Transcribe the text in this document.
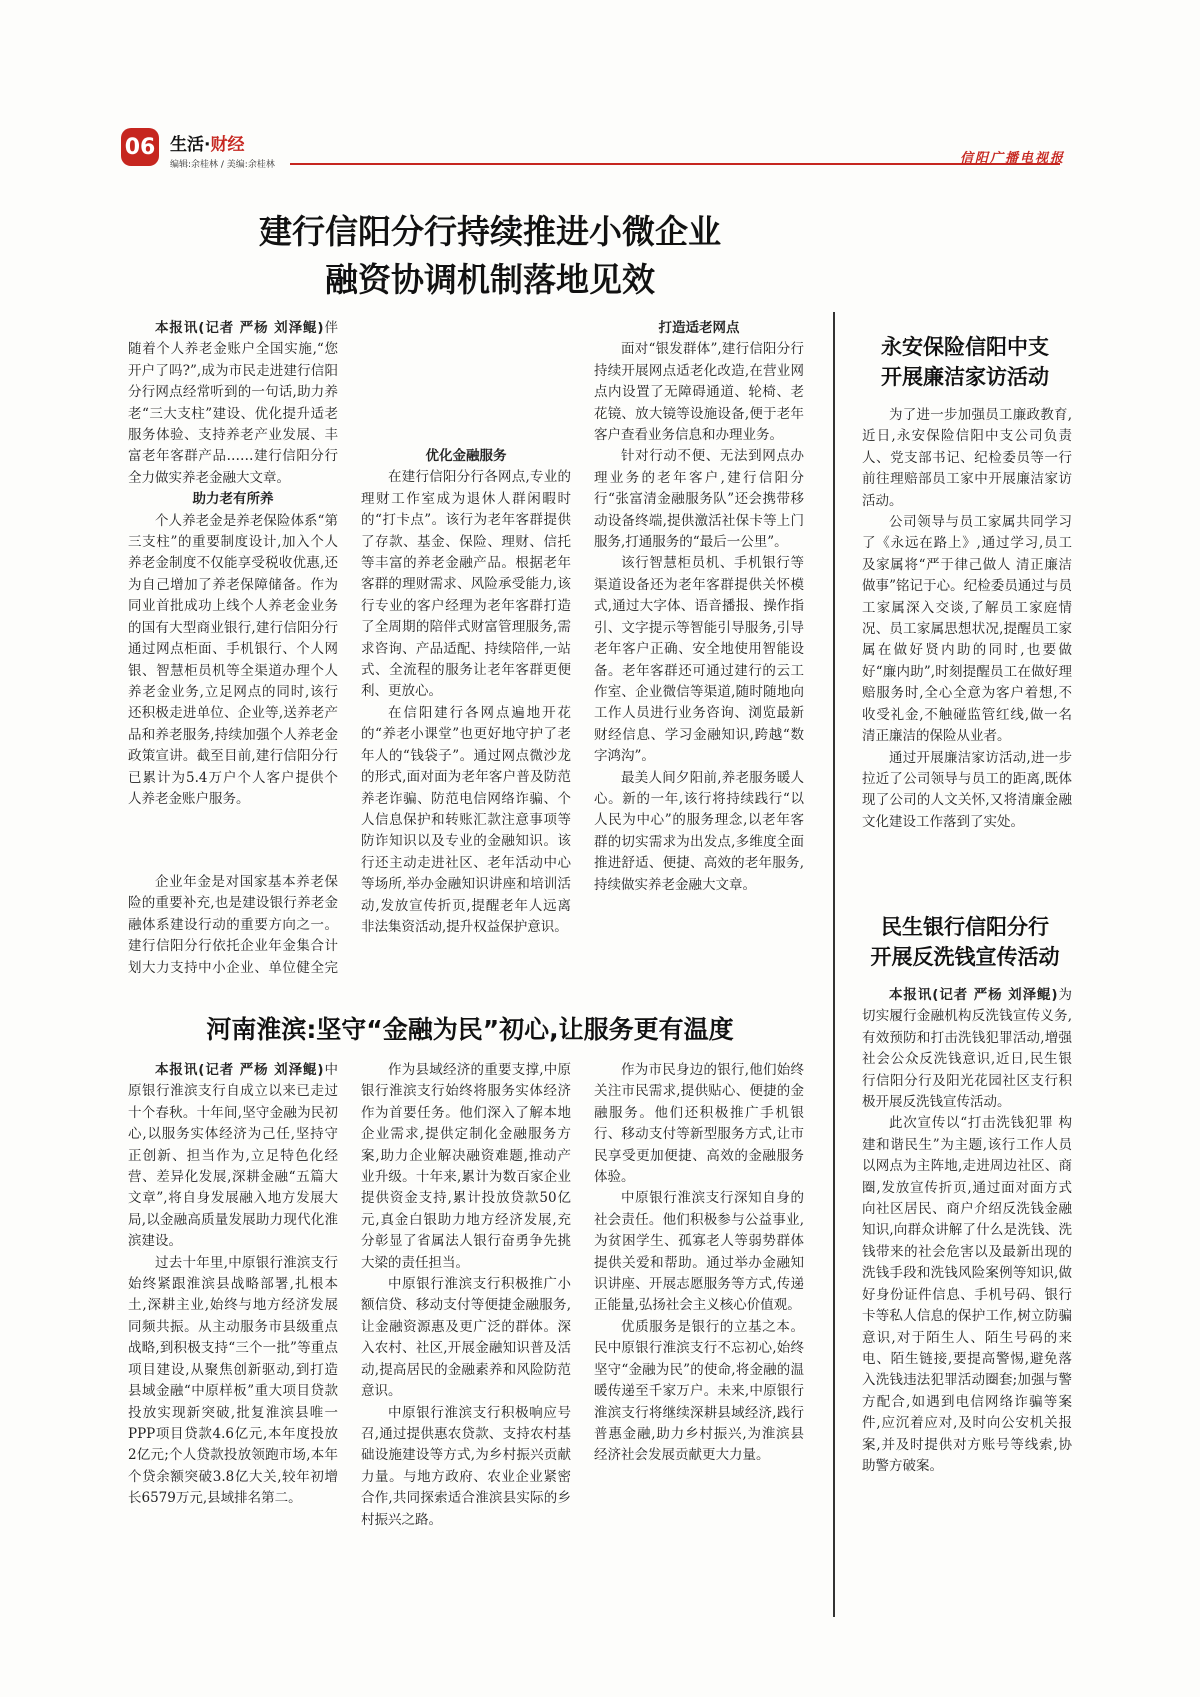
06 生活·财经
编辑:余桂林 / 美编:余桂林	信阳广播电视报
建行信阳分行持续推进小微企业
融资协调机制落地见效

本报讯(记者 严杨 刘泽鲲)伴随着个人养老金账户全国实施,“您开户了吗?”,成为市民走进建行信阳分行网点经常听到的一句话,助力养老“三大支柱”建设、优化提升适老服务体验、支持养老产业发展、丰富老年客群产品……建行信阳分行全力做实养老金融大文章。

助力老有所养

个人养老金是养老保险体系“第三支柱”的重要制度设计,加入个人养老金制度不仅能享受税收优惠,还为自己增加了养老保障储备。作为同业首批成功上线个人养老金业务的国有大型商业银行,建行信阳分行通过网点柜面、手机银行、个人网银、智慧柜员机等全渠道办理个人养老金业务,立足网点的同时,该行还积极走进单位、企业等,送养老产品和养老服务,持续加强个人养老金政策宣讲。截至目前,建行信阳分行已累计为5.4万户个人客户提供个人养老金账户服务。

企业年金是对国家基本养老保险的重要补充,也是建设银行养老金融体系建设行动的重要方向之一。建行信阳分行依托企业年金集合计划大力支持中小企业、单位健全完

优化金融服务

在建行信阳分行各网点,专业的理财工作室成为退休人群闲暇时的“打卡点”。该行为老年客群提供了存款、基金、保险、理财、信托等丰富的养老金融产品。根据老年客群的理财需求、风险承受能力,该行专业的客户经理为老年客群打造了全周期的陪伴式财富管理服务,需求咨询、产品适配、持续陪伴,一站式、全流程的服务让老年客群更便利、更放心。

在信阳建行各网点遍地开花的“养老小课堂”也更好地守护了老年人的“钱袋子”。通过网点微沙龙的形式,面对面为老年客户普及防范养老诈骗、防范电信网络诈骗、个人信息保护和转账汇款注意事项等防诈知识以及专业的金融知识。该行还主动走进社区、老年活动中心等场所,举办金融知识讲座和培训活动,发放宣传折页,提醒老年人远离非法集资活动,提升权益保护意识。

打造适老网点

面对“银发群体”,建行信阳分行持续开展网点适老化改造,在营业网点内设置了无障碍通道、轮椅、老花镜、放大镜等设施设备,便于老年客户查看业务信息和办理业务。

针对行动不便、无法到网点办理业务的老年客户,建行信阳分行“张富清金融服务队”还会携带移动设备终端,提供激活社保卡等上门服务,打通服务的“最后一公里”。

该行智慧柜员机、手机银行等渠道设备还为老年客群提供关怀模式,通过大字体、语音播报、操作指引、文字提示等智能引导服务,引导老年客户正确、安全地使用智能设备。老年客群还可通过建行的云工作室、企业微信等渠道,随时随地向工作人员进行业务咨询、浏览最新财经信息、学习金融知识,跨越“数字鸿沟”。

最美人间夕阳前,养老服务暖人心。新的一年,该行将持续践行“以人民为中心”的服务理念,以老年客群的切实需求为出发点,多维度全面推进舒适、便捷、高效的老年服务,持续做实养老金融大文章。

永安保险信阳中支
开展廉洁家访活动

为了进一步加强员工廉政教育,近日,永安保险信阳中支公司负责人、党支部书记、纪检委员等一行前往理赔部员工家中开展廉洁家访活动。

公司领导与员工家属共同学习了《永远在路上》,通过学习,员工及家属将“严于律己做人 清正廉洁做事”铭记于心。纪检委员通过与员工家属深入交谈,了解员工家庭情况、员工家属思想状况,提醒员工家属在做好贤内助的同时,也要做好“廉内助”,时刻提醒员工在做好理赔服务时,全心全意为客户着想,不收受礼金,不触碰监管红线,做一名清正廉洁的保险从业者。

通过开展廉洁家访活动,进一步拉近了公司领导与员工的距离,既体现了公司的人文关怀,又将清廉金融文化建设工作落到了实处。

民生银行信阳分行
开展反洗钱宣传活动

本报讯(记者 严杨 刘泽鲲)为切实履行金融机构反洗钱宣传义务,有效预防和打击洗钱犯罪活动,增强社会公众反洗钱意识,近日,民生银行信阳分行及阳光花园社区支行积极开展反洗钱宣传活动。

此次宣传以“打击洗钱犯罪 构建和谐民生”为主题,该行工作人员以网点为主阵地,走进周边社区、商圈,发放宣传折页,通过面对面方式向社区居民、商户介绍反洗钱金融知识,向群众讲解了什么是洗钱、洗钱带来的社会危害以及最新出现的洗钱手段和洗钱风险案例等知识,做好身份证件信息、手机号码、银行卡等私人信息的保护工作,树立防骗意识,对于陌生人、陌生号码的来电、陌生链接,要提高警惕,避免落入洗钱违法犯罪活动圈套;加强与警方配合,如遇到电信网络诈骗等案件,应沉着应对,及时向公安机关报案,并及时提供对方账号等线索,协助警方破案。

河南淮滨:坚守“金融为民”初心,让服务更有温度

本报讯(记者 严杨 刘泽鲲)中原银行淮滨支行自成立以来已走过十个春秋。十年间,坚守金融为民初心,以服务实体经济为己任,坚持守正创新、担当作为,立足特色化经营、差异化发展,深耕金融“五篇大文章”,将自身发展融入地方发展大局,以金融高质量发展助力现代化淮滨建设。

过去十年里,中原银行淮滨支行始终紧跟淮滨县战略部署,扎根本土,深耕主业,始终与地方经济发展同频共振。从主动服务市县级重点战略,到积极支持“三个一批”等重点项目建设,从聚焦创新驱动,到打造县域金融“中原样板”重大项目贷款投放实现新突破,批复淮滨县唯一PPP项目贷款4.6亿元,本年度投放2亿元;个人贷款投放领跑市场,本年个贷余额突破3.8亿大关,较年初增长6579万元,县域排名第二。

作为县域经济的重要支撑,中原银行淮滨支行始终将服务实体经济作为首要任务。他们深入了解本地企业需求,提供定制化金融服务方案,助力企业解决融资难题,推动产业升级。十年来,累计为数百家企业提供资金支持,累计投放贷款50亿元,真金白银助力地方经济发展,充分彰显了省属法人银行奋勇争先挑大梁的责任担当。

中原银行淮滨支行积极推广小额信贷、移动支付等便捷金融服务,让金融资源惠及更广泛的群体。深入农村、社区,开展金融知识普及活动,提高居民的金融素养和风险防范意识。

中原银行淮滨支行积极响应号召,通过提供惠农贷款、支持农村基础设施建设等方式,为乡村振兴贡献力量。与地方政府、农业企业紧密合作,共同探索适合淮滨县实际的乡村振兴之路。

作为市民身边的银行,他们始终关注市民需求,提供贴心、便捷的金融服务。他们还积极推广手机银行、移动支付等新型服务方式,让市民享受更加便捷、高效的金融服务体验。

中原银行淮滨支行深知自身的社会责任。他们积极参与公益事业,为贫困学生、孤寡老人等弱势群体提供关爱和帮助。通过举办金融知识讲座、开展志愿服务等方式,传递正能量,弘扬社会主义核心价值观。

优质服务是银行的立基之本。民中原银行淮滨支行不忘初心,始终坚守“金融为民”的使命,将金融的温暖传递至千家万户。未来,中原银行淮滨支行将继续深耕县域经济,践行普惠金融,助力乡村振兴,为淮滨县经济社会发展贡献更大力量。
